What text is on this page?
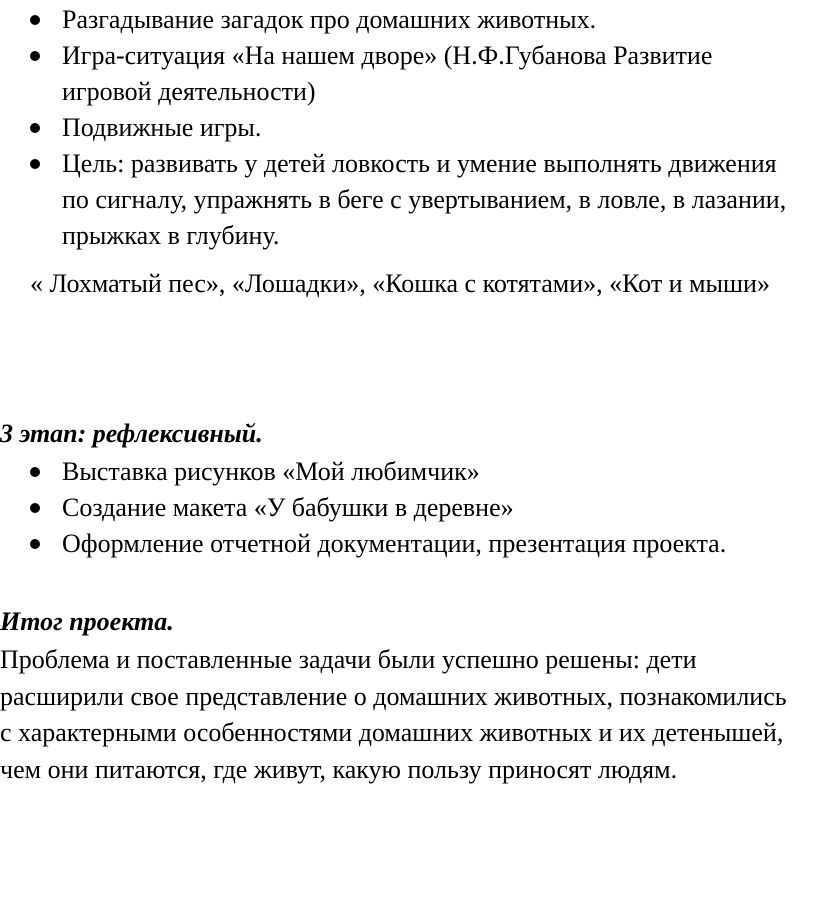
Разгадывание загадок про домашних животных.
Игра-ситуация «На нашем дворе» (Н.Ф.Губанова Развитие игровой деятельности)
Подвижные игры.
Цель: развивать у детей ловкость и умение выполнять движения по сигналу, упражнять в беге с увертыванием, в ловле, в лазании, прыжках в глубину.
« Лохматый пес», «Лошадки», «Кошка с котятами», «Кот и мыши»
3 этап: рефлексивный.
Выставка рисунков «Мой любимчик»
Создание макета «У бабушки в деревне»
Оформление отчетной документации, презентация проекта.
Итог проекта.
Проблема и поставленные задачи были успешно решены: дети расширили свое представление о домашних животных, познакомились с характерными особенностями домашних животных и их детенышей, чем они питаются, где живут, какую пользу приносят людям.
